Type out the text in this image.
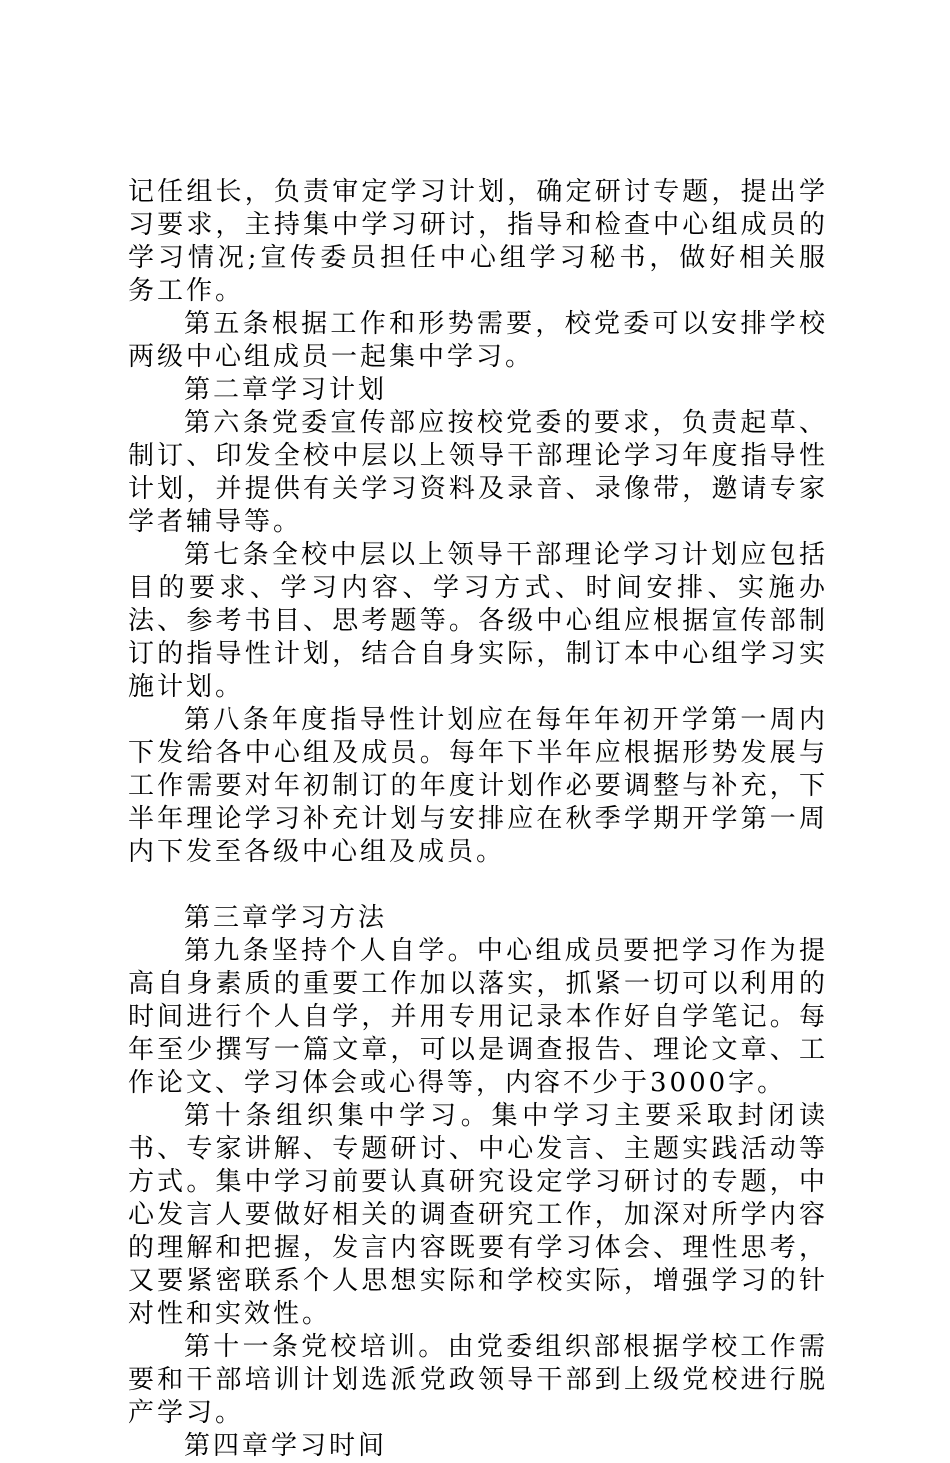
记任组长，负责审定学习计划，确定研讨专题，提出学习要求，主持集中学习研讨，指导和检查中心组成员的学习情况;宣传委员担任中心组学习秘书，做好相关服务工作。

第五条根据工作和形势需要，校党委可以安排学校两级中心组成员一起集中学习。

第二章学习计划

第六条党委宣传部应按校党委的要求，负责起草、制订、印发全校中层以上领导干部理论学习年度指导性计划，并提供有关学习资料及录音、录像带，邀请专家学者辅导等。

第七条全校中层以上领导干部理论学习计划应包括目的要求、学习内容、学习方式、时间安排、实施办法、参考书目、思考题等。各级中心组应根据宣传部制订的指导性计划，结合自身实际，制订本中心组学习实施计划。

第八条年度指导性计划应在每年年初开学第一周内下发给各中心组及成员。每年下半年应根据形势发展与工作需要对年初制订的年度计划作必要调整与补充，下半年理论学习补充计划与安排应在秋季学期开学第一周内下发至各级中心组及成员。

第三章学习方法

第九条坚持个人自学。中心组成员要把学习作为提高自身素质的重要工作加以落实，抓紧一切可以利用的时间进行个人自学，并用专用记录本作好自学笔记。每年至少撰写一篇文章，可以是调查报告、理论文章、工作论文、学习体会或心得等，内容不少于3000字。

第十条组织集中学习。集中学习主要采取封闭读书、专家讲解、专题研讨、中心发言、主题实践活动等方式。集中学习前要认真研究设定学习研讨的专题，中心发言人要做好相关的调查研究工作，加深对所学内容的理解和把握，发言内容既要有学习体会、理性思考，又要紧密联系个人思想实际和学校实际，增强学习的针对性和实效性。

第十一条党校培训。由党委组织部根据学校工作需要和干部培训计划选派党政领导干部到上级党校进行脱产学习。

第四章学习时间
